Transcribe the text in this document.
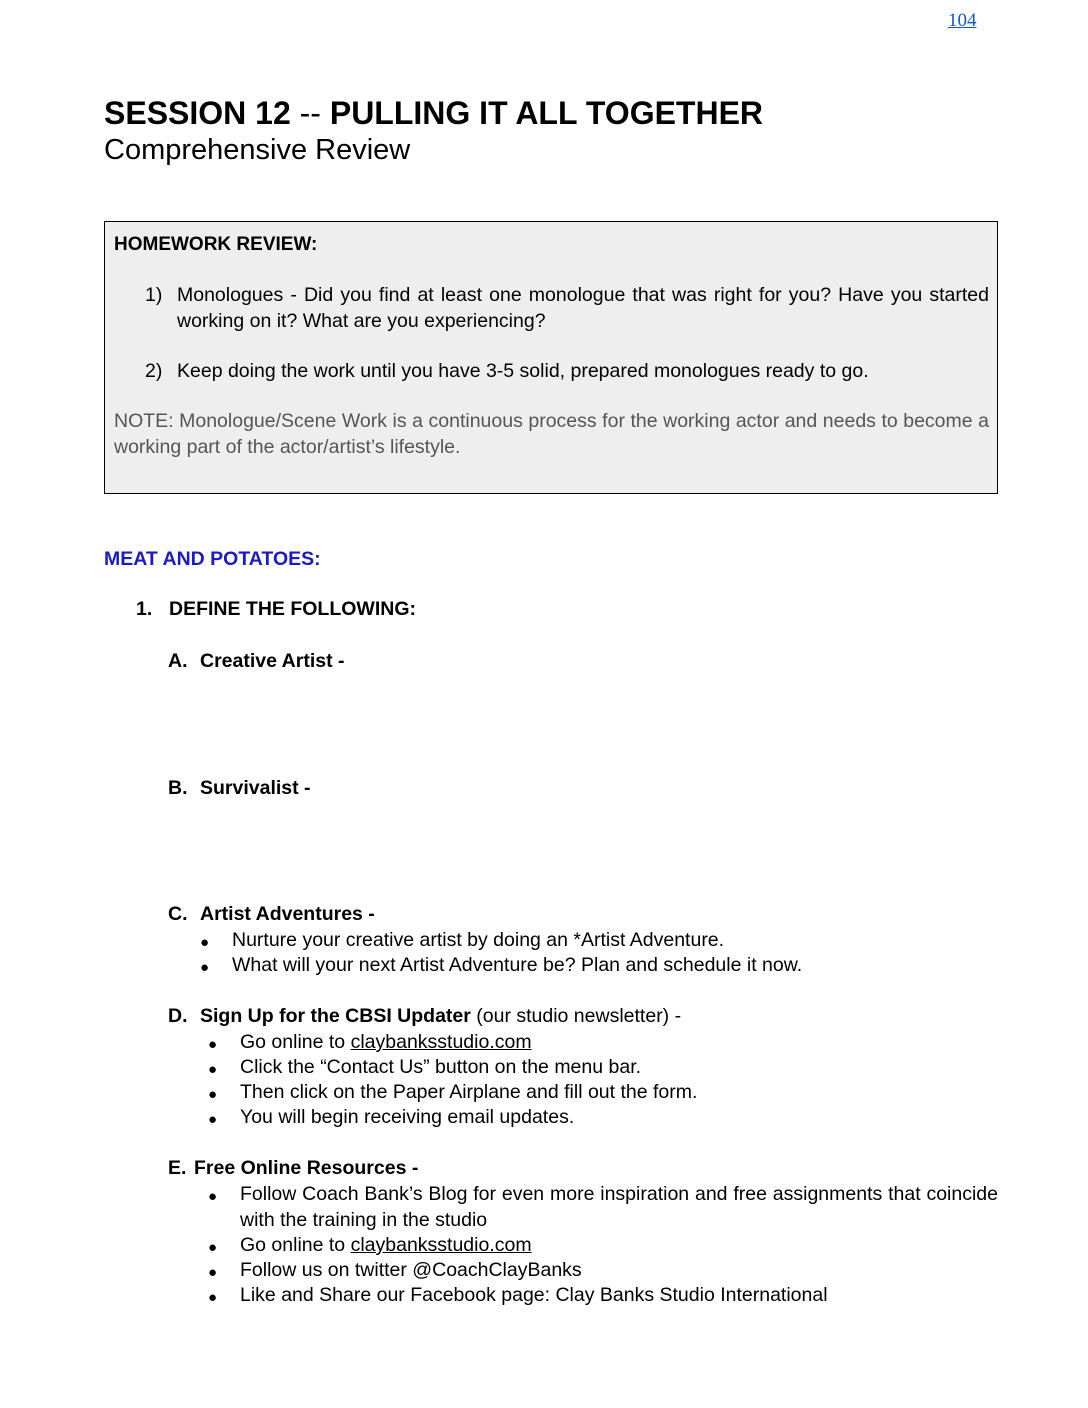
104
SESSION 12 -- PULLING IT ALL TOGETHER
Comprehensive Review
HOMEWORK REVIEW:
1) Monologues - Did you find at least one monologue that was right for you? Have you started working on it? What are you experiencing?
2) Keep doing the work until you have 3-5 solid, prepared monologues ready to go.
NOTE: Monologue/Scene Work is a continuous process for the working actor and needs to become a working part of the actor/artist’s lifestyle.
MEAT AND POTATOES:
1. DEFINE THE FOLLOWING:
A. Creative Artist -
B. Survivalist -
C. Artist Adventures -
● Nurture your creative artist by doing an *Artist Adventure.
● What will your next Artist Adventure be? Plan and schedule it now.
D. Sign Up for the CBSI Updater (our studio newsletter) -
● Go online to claybanksstudio.com
● Click the “Contact Us” button on the menu bar.
● Then click on the Paper Airplane and fill out the form.
● You will begin receiving email updates.
E. Free Online Resources -
● Follow Coach Bank’s Blog for even more inspiration and free assignments that coincide with the training in the studio
● Go online to claybanksstudio.com
● Follow us on twitter @CoachClayBanks
● Like and Share our Facebook page: Clay Banks Studio International
